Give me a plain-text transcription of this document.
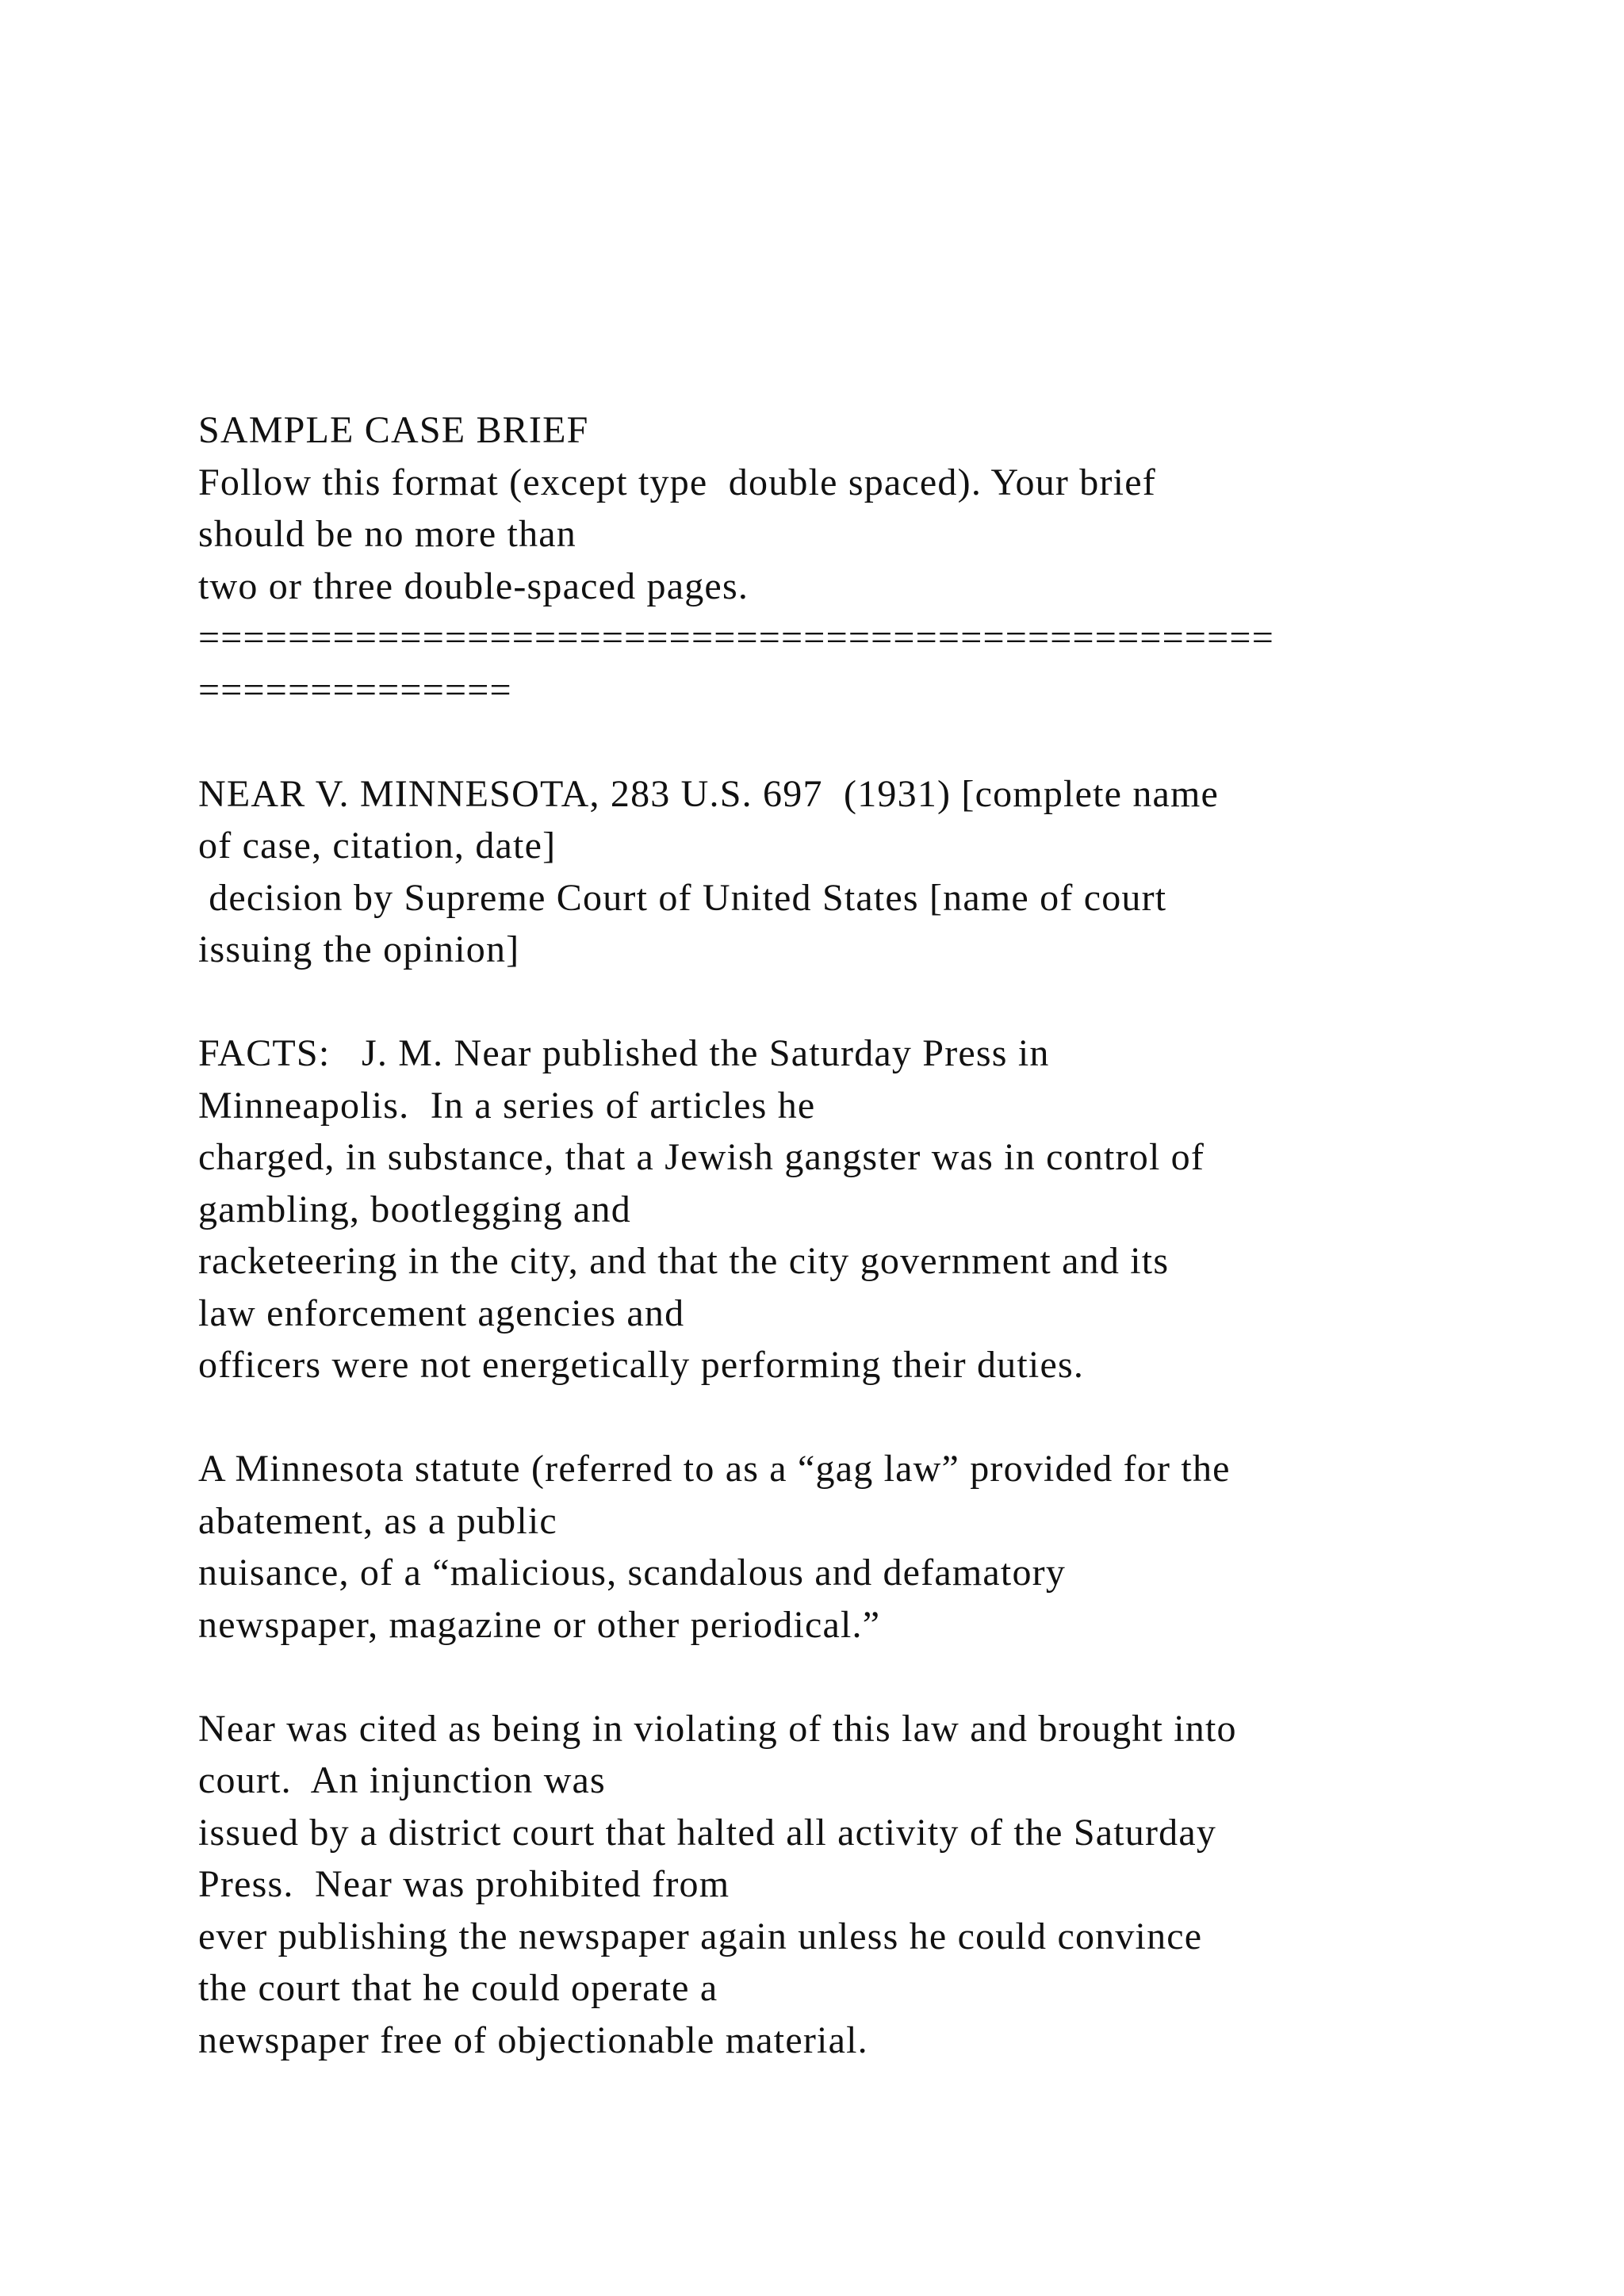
SAMPLE CASE BRIEF
Follow this format (except type  double spaced). Your brief
should be no more than
two or three double-spaced pages.
================================================
==============
NEAR V. MINNESOTA, 283 U.S. 697  (1931) [complete name
of case, citation, date]
decision by Supreme Court of United States [name of court
issuing the opinion]
FACTS:   J. M. Near published the Saturday Press in
Minneapolis.  In a series of articles he
charged, in substance, that a Jewish gangster was in control of
gambling, bootlegging and
racketeering in the city, and that the city government and its
law enforcement agencies and
officers were not energetically performing their duties.
A Minnesota statute (referred to as a “gag law” provided for the
abatement, as a public
nuisance, of a “malicious, scandalous and defamatory
newspaper, magazine or other periodical.”
Near was cited as being in violating of this law and brought into
court.  An injunction was
issued by a district court that halted all activity of the Saturday
Press.  Near was prohibited from
ever publishing the newspaper again unless he could convince
the court that he could operate a
newspaper free of objectionable material.
